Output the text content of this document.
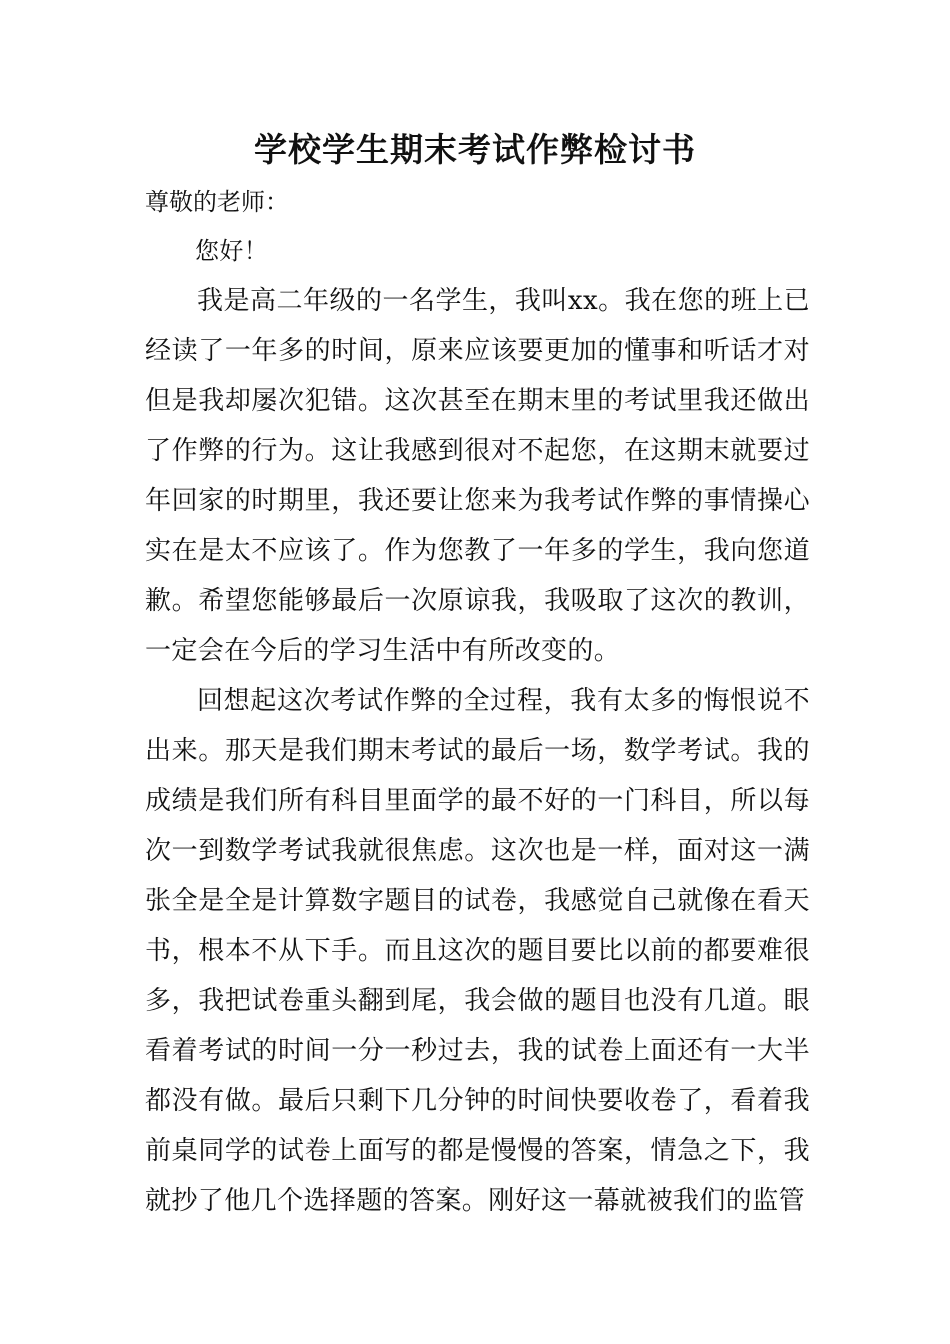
学校学生期末考试作弊检讨书
尊敬的老师：
您好！

我是高二年级的一名学生，我叫xx。我在您的班上已经读了一年多的时间，原来应该要更加的懂事和听话才对但是我却屡次犯错。这次甚至在期末里的考试里我还做出了作弊的行为。这让我感到很对不起您，在这期末就要过年回家的时期里，我还要让您来为我考试作弊的事情操心实在是太不应该了。作为您教了一年多的学生，我向您道歉。希望您能够最后一次原谅我，我吸取了这次的教训，一定会在今后的学习生活中有所改变的。

回想起这次考试作弊的全过程，我有太多的悔恨说不出来。那天是我们期末考试的最后一场，数学考试。我的成绩是我们所有科目里面学的最不好的一门科目，所以每次一到数学考试我就很焦虑。这次也是一样，面对这一满张全是全是计算数字题目的试卷，我感觉自己就像在看天书，根本不从下手。而且这次的题目要比以前的都要难很多，我把试卷重头翻到尾，我会做的题目也没有几道。眼看着考试的时间一分一秒过去，我的试卷上面还有一大半都没有做。最后只剩下几分钟的时间快要收卷了，看着我前桌同学的试卷上面写的都是慢慢的答案，情急之下，我就抄了他几个选择题的答案。刚好这一幕就被我们的监管
